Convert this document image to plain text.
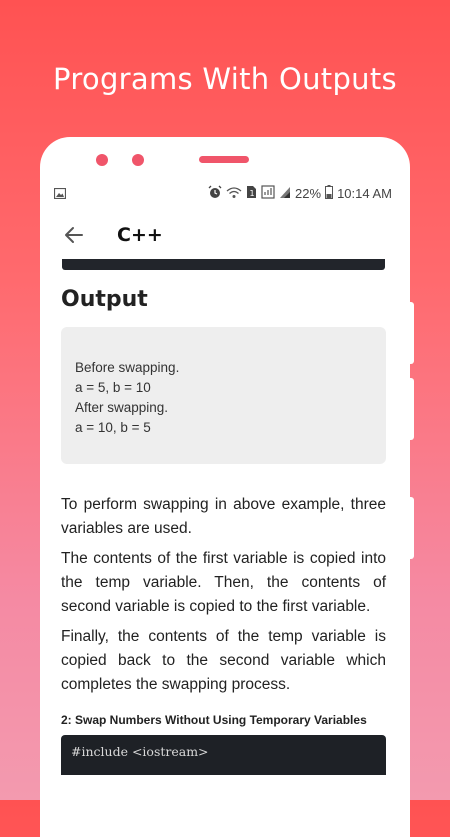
Programs With Outputs
1	22% 10:14 AM
C++
Output
Before swapping.
a = 5, b = 10
After swapping.
a = 10, b = 5
To perform swapping in above example, three variables are used.
The contents of the first variable is copied into the temp variable. Then, the contents of second variable is copied to the first variable.
Finally, the contents of the temp variable is copied back to the second variable which completes the swapping process.
2: Swap Numbers Without Using Temporary Variables
#include <iostream>
